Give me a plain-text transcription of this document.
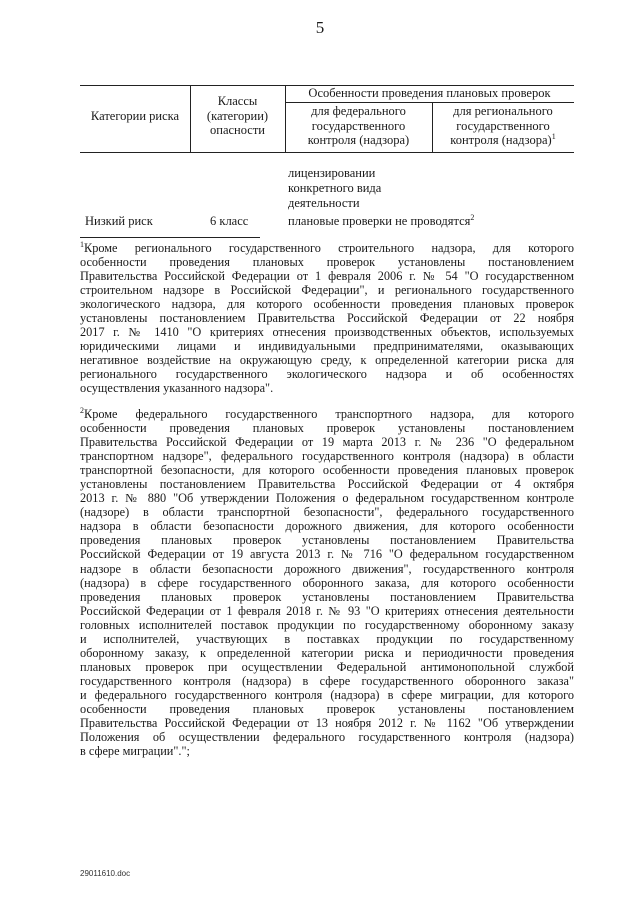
5
Категории риска
Классы
(категории)
опасности
Особенности проведения плановых проверок
для федерального
государственного
контроля (надзора)
для регионального
государственного
контроля (надзора)$^1$
лицензировании
конкретного вида
деятельности
Низкий риск	6 класс	плановые проверки не проводятся$^2$
$^1$Кроме регионального государственного строительного надзора, для которого
особенности проведения плановых проверок установлены постановлением
Правительства Российской Федерации от 1 февраля 2006 г. № 54 "О государственном
строительном надзоре в Российской Федерации", и регионального государственного
экологического надзора, для которого особенности проведения плановых проверок
установлены постановлением Правительства Российской Федерации от 22 ноября
2017 г. № 1410 "О критериях отнесения производственных объектов, используемых
юридическими лицами и индивидуальными предпринимателями, оказывающих
негативное воздействие на окружающую среду, к определенной категории риска для
регионального государственного экологического надзора и об особенностях
осуществления указанного надзора".
$^2$Кроме федерального государственного транспортного надзора, для которого
особенности проведения плановых проверок установлены постановлением
Правительства Российской Федерации от 19 марта 2013 г. № 236 "О федеральном
транспортном надзоре", федерального государственного контроля (надзора) в области
транспортной безопасности, для которого особенности проведения плановых проверок
установлены постановлением Правительства Российской Федерации от 4 октября
2013 г. № 880 "Об утверждении Положения о федеральном государственном контроле
(надзоре) в области транспортной безопасности", федерального государственного
надзора в области безопасности дорожного движения, для которого особенности
проведения плановых проверок установлены постановлением Правительства
Российской Федерации от 19 августа 2013 г. № 716 "О федеральном государственном
надзоре в области безопасности дорожного движения", государственного контроля
(надзора) в сфере государственного оборонного заказа, для которого особенности
проведения плановых проверок установлены постановлением Правительства
Российской Федерации от 1 февраля 2018 г. № 93 "О критериях отнесения деятельности
головных исполнителей поставок продукции по государственному оборонному заказу
и исполнителей, участвующих в поставках продукции по государственному
оборонному заказу, к определенной категории риска и периодичности проведения
плановых проверок при осуществлении Федеральной антимонопольной службой
государственного контроля (надзора) в сфере государственного оборонного заказа"
и федерального государственного контроля (надзора) в сфере миграции, для которого
особенности проведения плановых проверок установлены постановлением
Правительства Российской Федерации от 13 ноября 2012 г. № 1162 "Об утверждении
Положения об осуществлении федерального государственного контроля (надзора)
в сфере миграции".";
29011610.doc
